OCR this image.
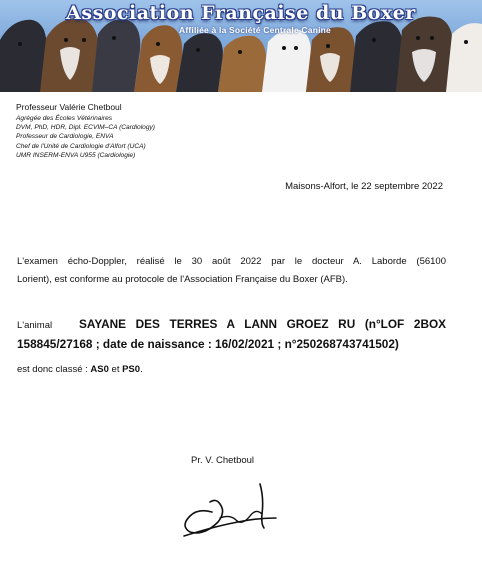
Association Française du Boxer
Affiliée à la Société Centrale Canine
Professeur Valérie Chetboul
Agrégée des Écoles Vétérinaires
DVM, PhD, HDR, Dipl. ECVIM–CA (Cardiology)
Professeur de Cardiologie, ENVA
Chef de l'Unité de Cardiologie d'Alfort (UCA)
UMR INSERM-ENVA U955 (Cardiologie)
Maisons-Alfort, le 22 septembre 2022
L'examen écho-Doppler, réalisé le 30 août 2022 par le docteur A. Laborde (56100
Lorient), est conforme au protocole de l'Association Française du Boxer (AFB).
L'animal SAYANE DES TERRES A LANN GROEZ RU (n°LOF 2BOX
158845/27168 ; date de naissance : 16/02/2021 ; n°250268743741502)
est donc classé : AS0 et PS0.
Pr. V. Chetboul
